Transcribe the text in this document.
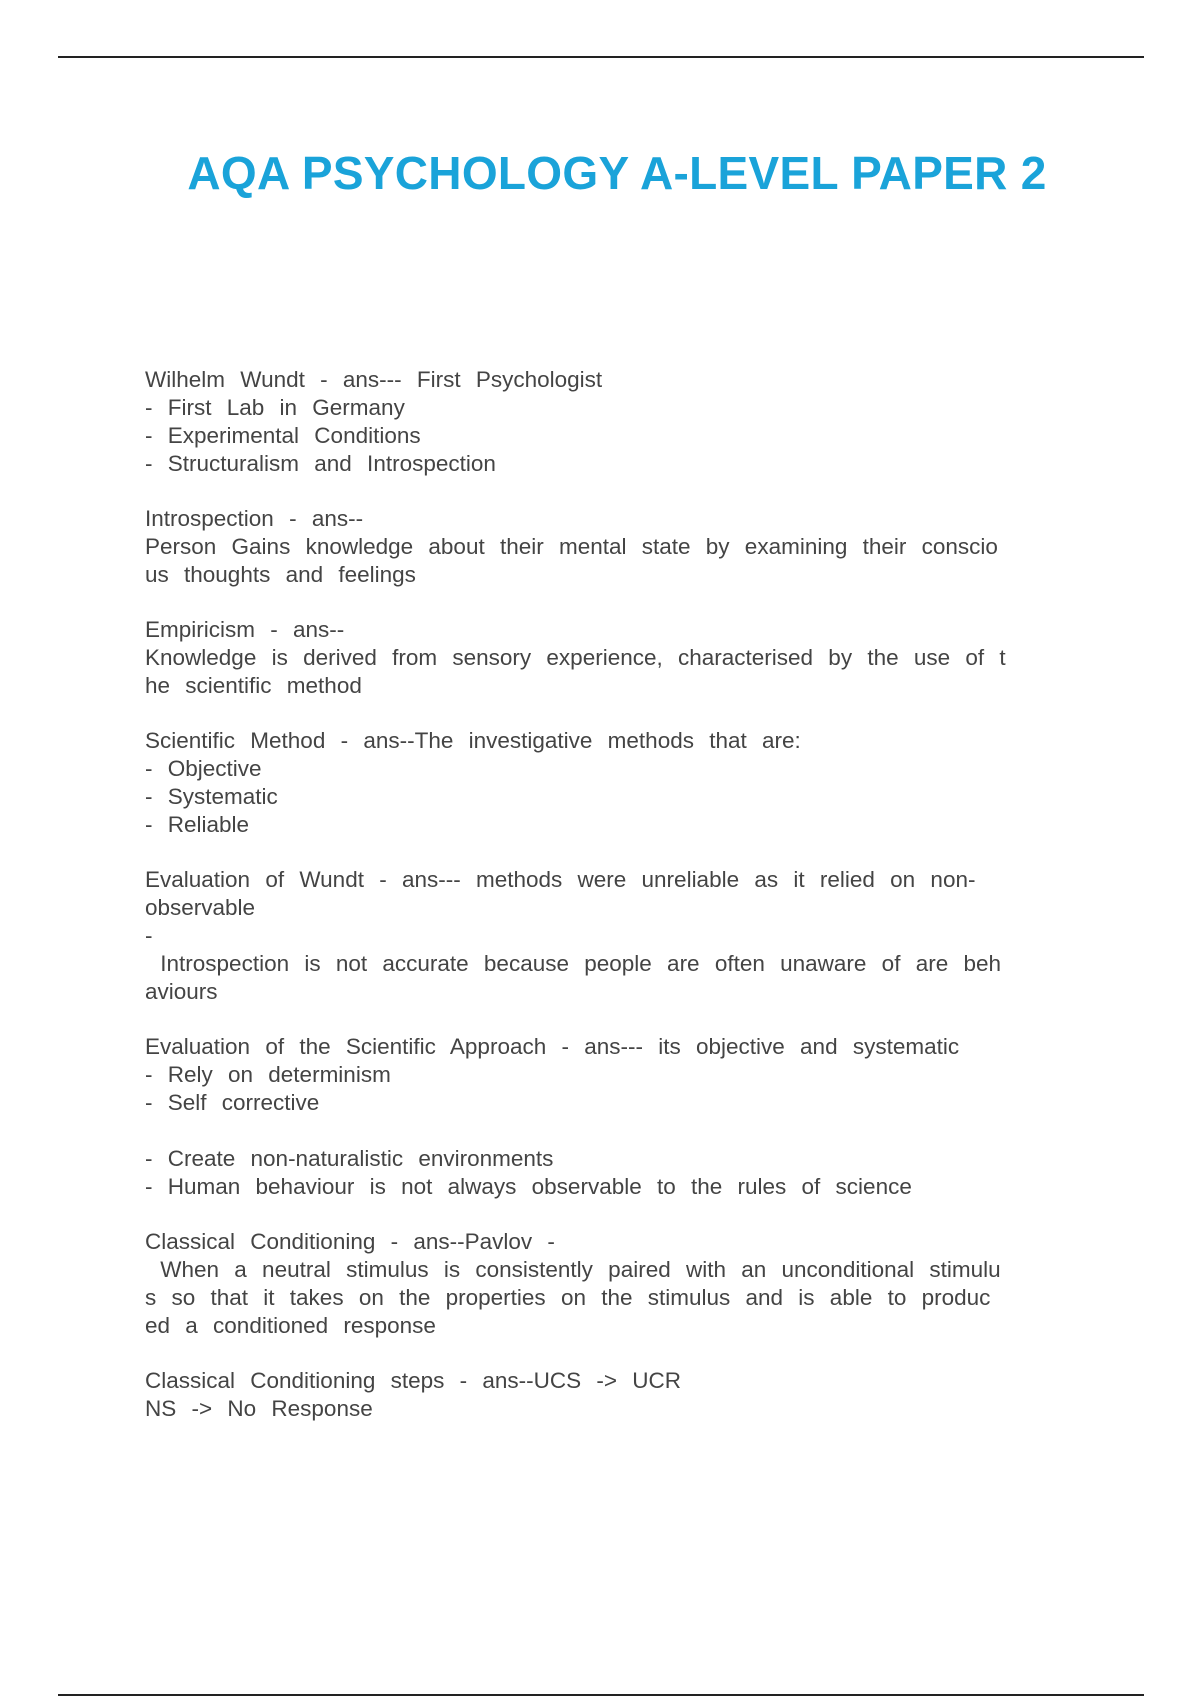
AQA PSYCHOLOGY A-LEVEL PAPER 2
Wilhelm Wundt - ans--- First Psychologist
- First Lab in Germany
- Experimental Conditions
- Structuralism and Introspection
Introspection - ans--
Person Gains knowledge about their mental state by examining their conscio
us thoughts and feelings
Empiricism - ans--
Knowledge is derived from sensory experience, characterised by the use of t
he scientific method
Scientific Method - ans--The investigative methods that are:
- Objective
- Systematic
- Reliable
Evaluation of Wundt - ans--- methods were unreliable as it relied on non-
observable
-
Introspection is not accurate because people are often unaware of are beh
aviours
Evaluation of the Scientific Approach - ans--- its objective and systematic
- Rely on determinism
- Self corrective
- Create non-naturalistic environments
- Human behaviour is not always observable to the rules of science
Classical Conditioning - ans--Pavlov -
When a neutral stimulus is consistently paired with an unconditional stimulu
s so that it takes on the properties on the stimulus and is able to produc
ed a conditioned response
Classical Conditioning steps - ans--UCS -> UCR
NS -> No Response
